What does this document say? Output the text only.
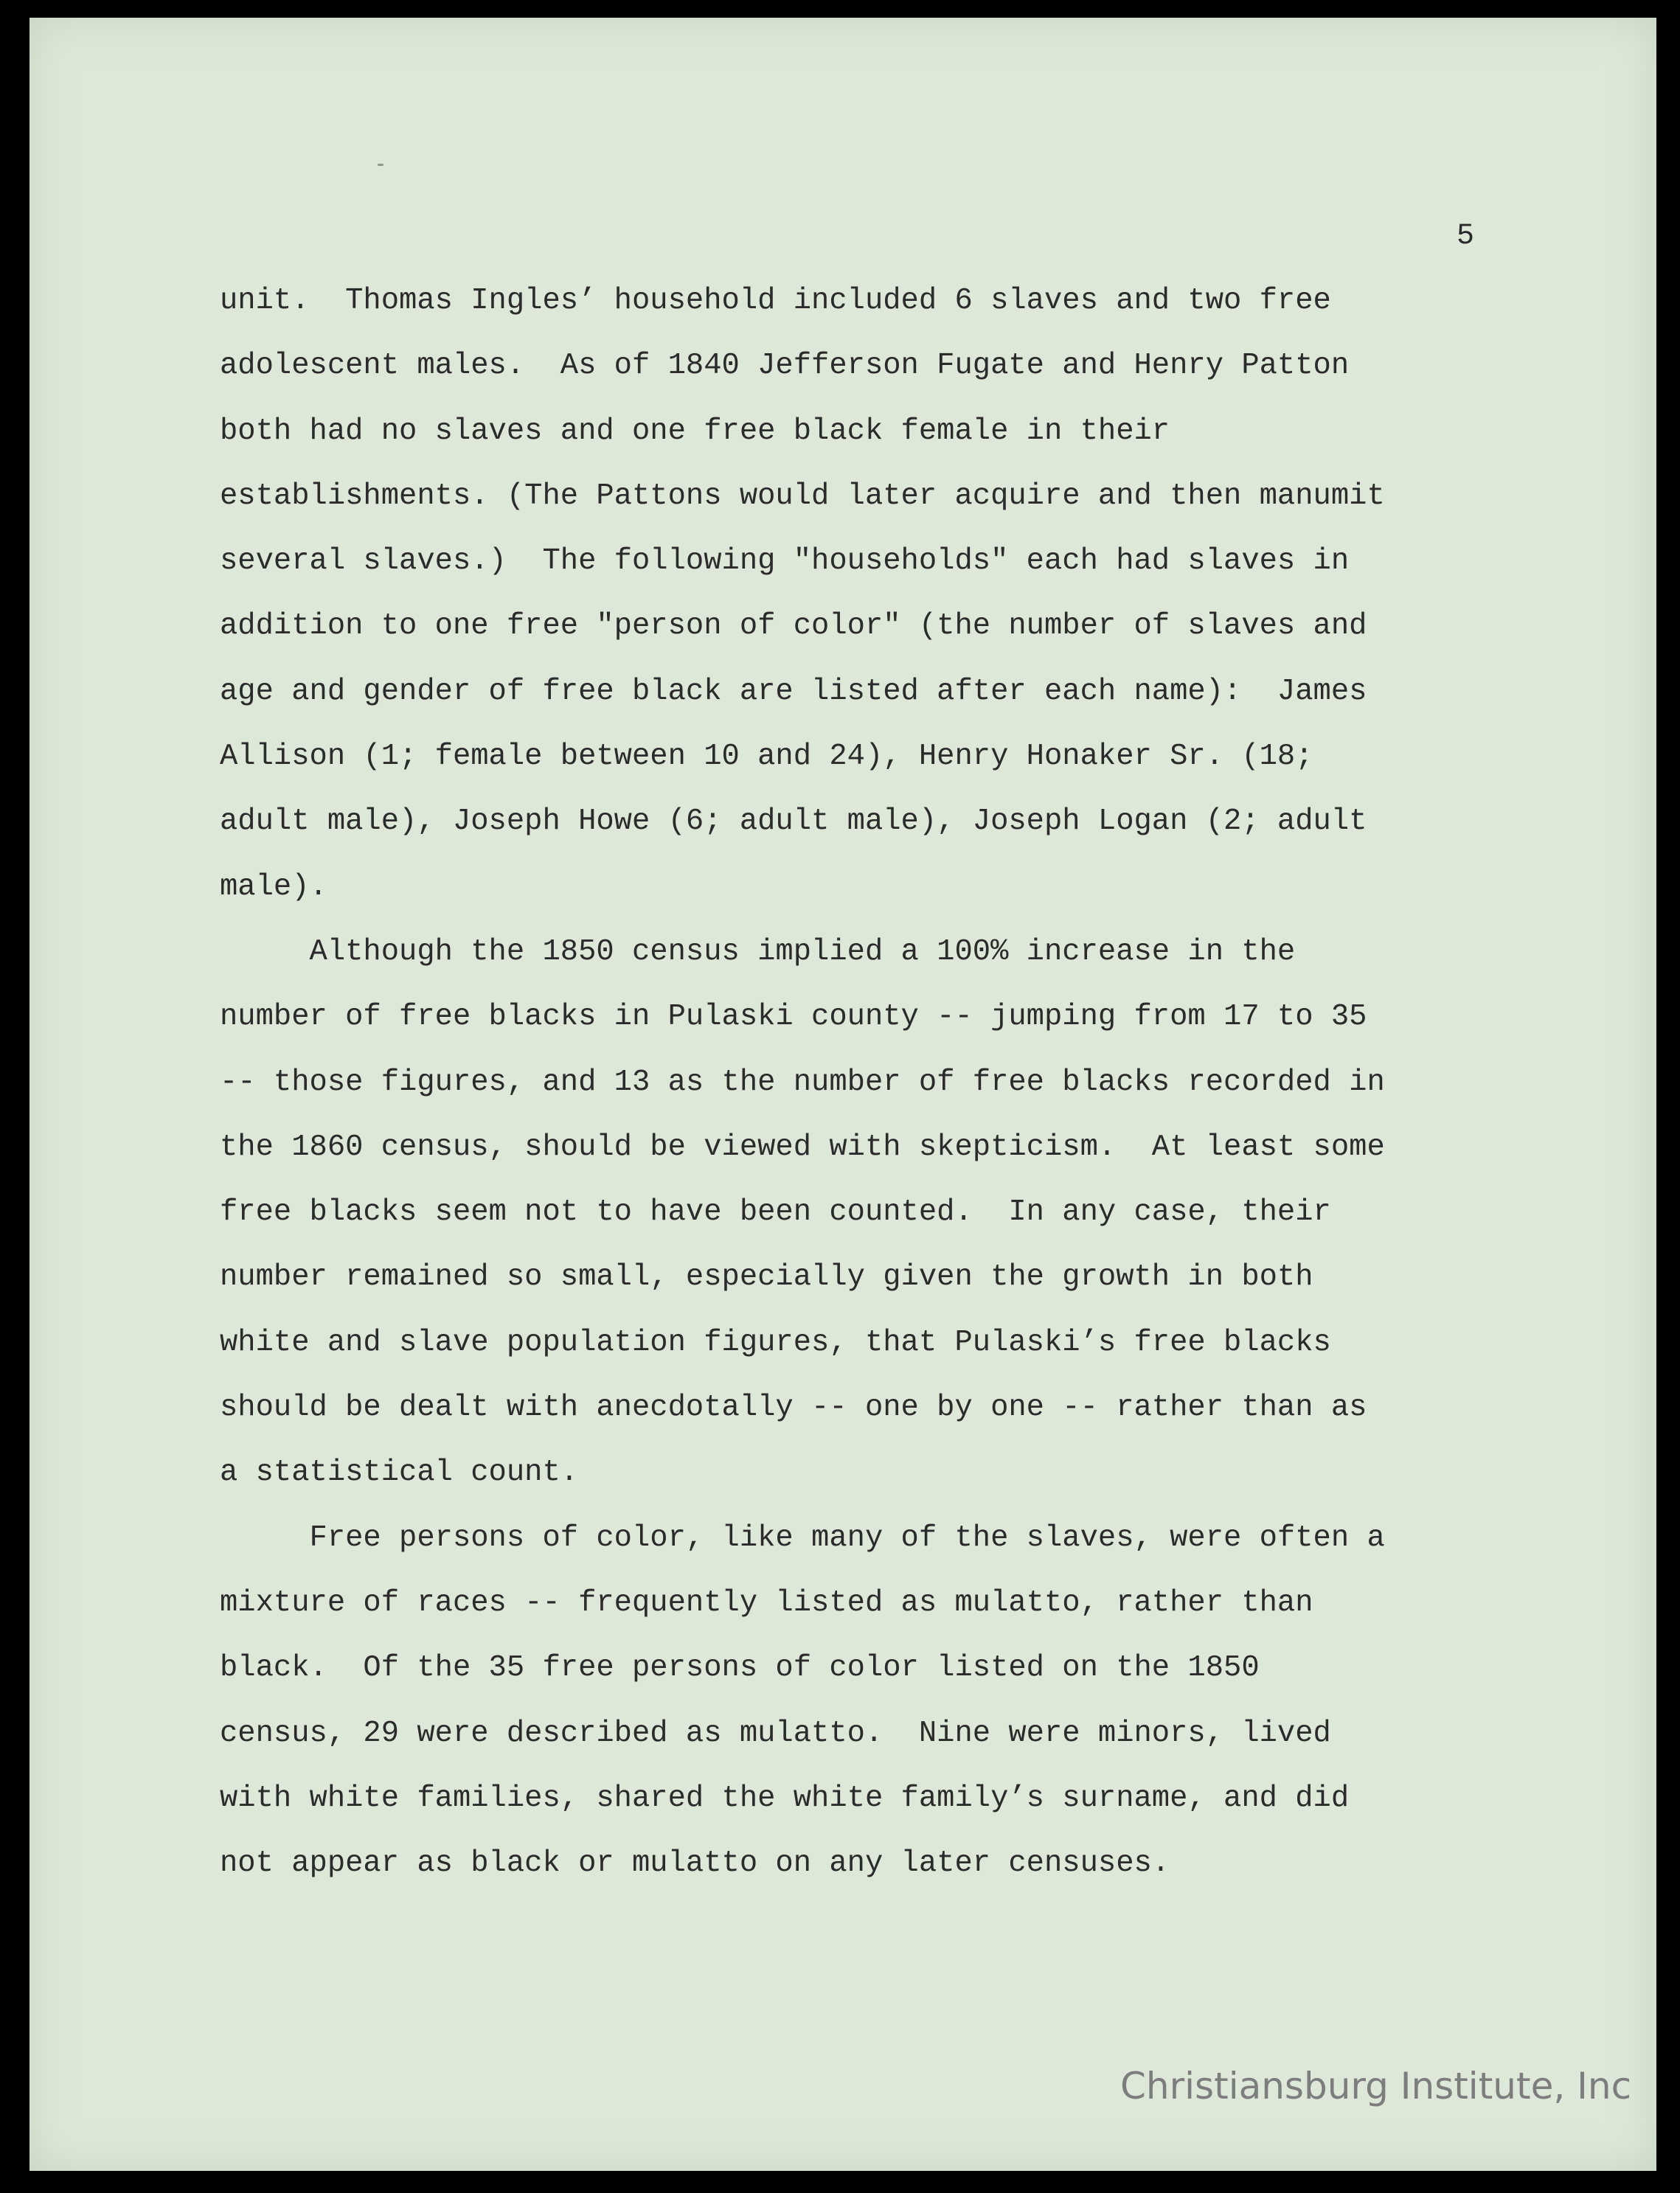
5

unit.  Thomas Ingles’ household included 6 slaves and two free
adolescent males.  As of 1840 Jefferson Fugate and Henry Patton
both had no slaves and one free black female in their
establishments. (The Pattons would later acquire and then manumit
several slaves.)  The following "households" each had slaves in
addition to one free "person of color" (the number of slaves and
age and gender of free black are listed after each name):  James
Allison (1; female between 10 and 24), Henry Honaker Sr. (18;
adult male), Joseph Howe (6; adult male), Joseph Logan (2; adult
male).
Although the 1850 census implied a 100% increase in the
number of free blacks in Pulaski county -- jumping from 17 to 35
-- those figures, and 13 as the number of free blacks recorded in
the 1860 census, should be viewed with skepticism.  At least some
free blacks seem not to have been counted.  In any case, their
number remained so small, especially given the growth in both
white and slave population figures, that Pulaski’s free blacks
should be dealt with anecdotally -- one by one -- rather than as
a statistical count.
Free persons of color, like many of the slaves, were often a
mixture of races -- frequently listed as mulatto, rather than
black.  Of the 35 free persons of color listed on the 1850
census, 29 were described as mulatto.  Nine were minors, lived
with white families, shared the white family’s surname, and did
not appear as black or mulatto on any later censuses.

Christiansburg Institute, Inc
